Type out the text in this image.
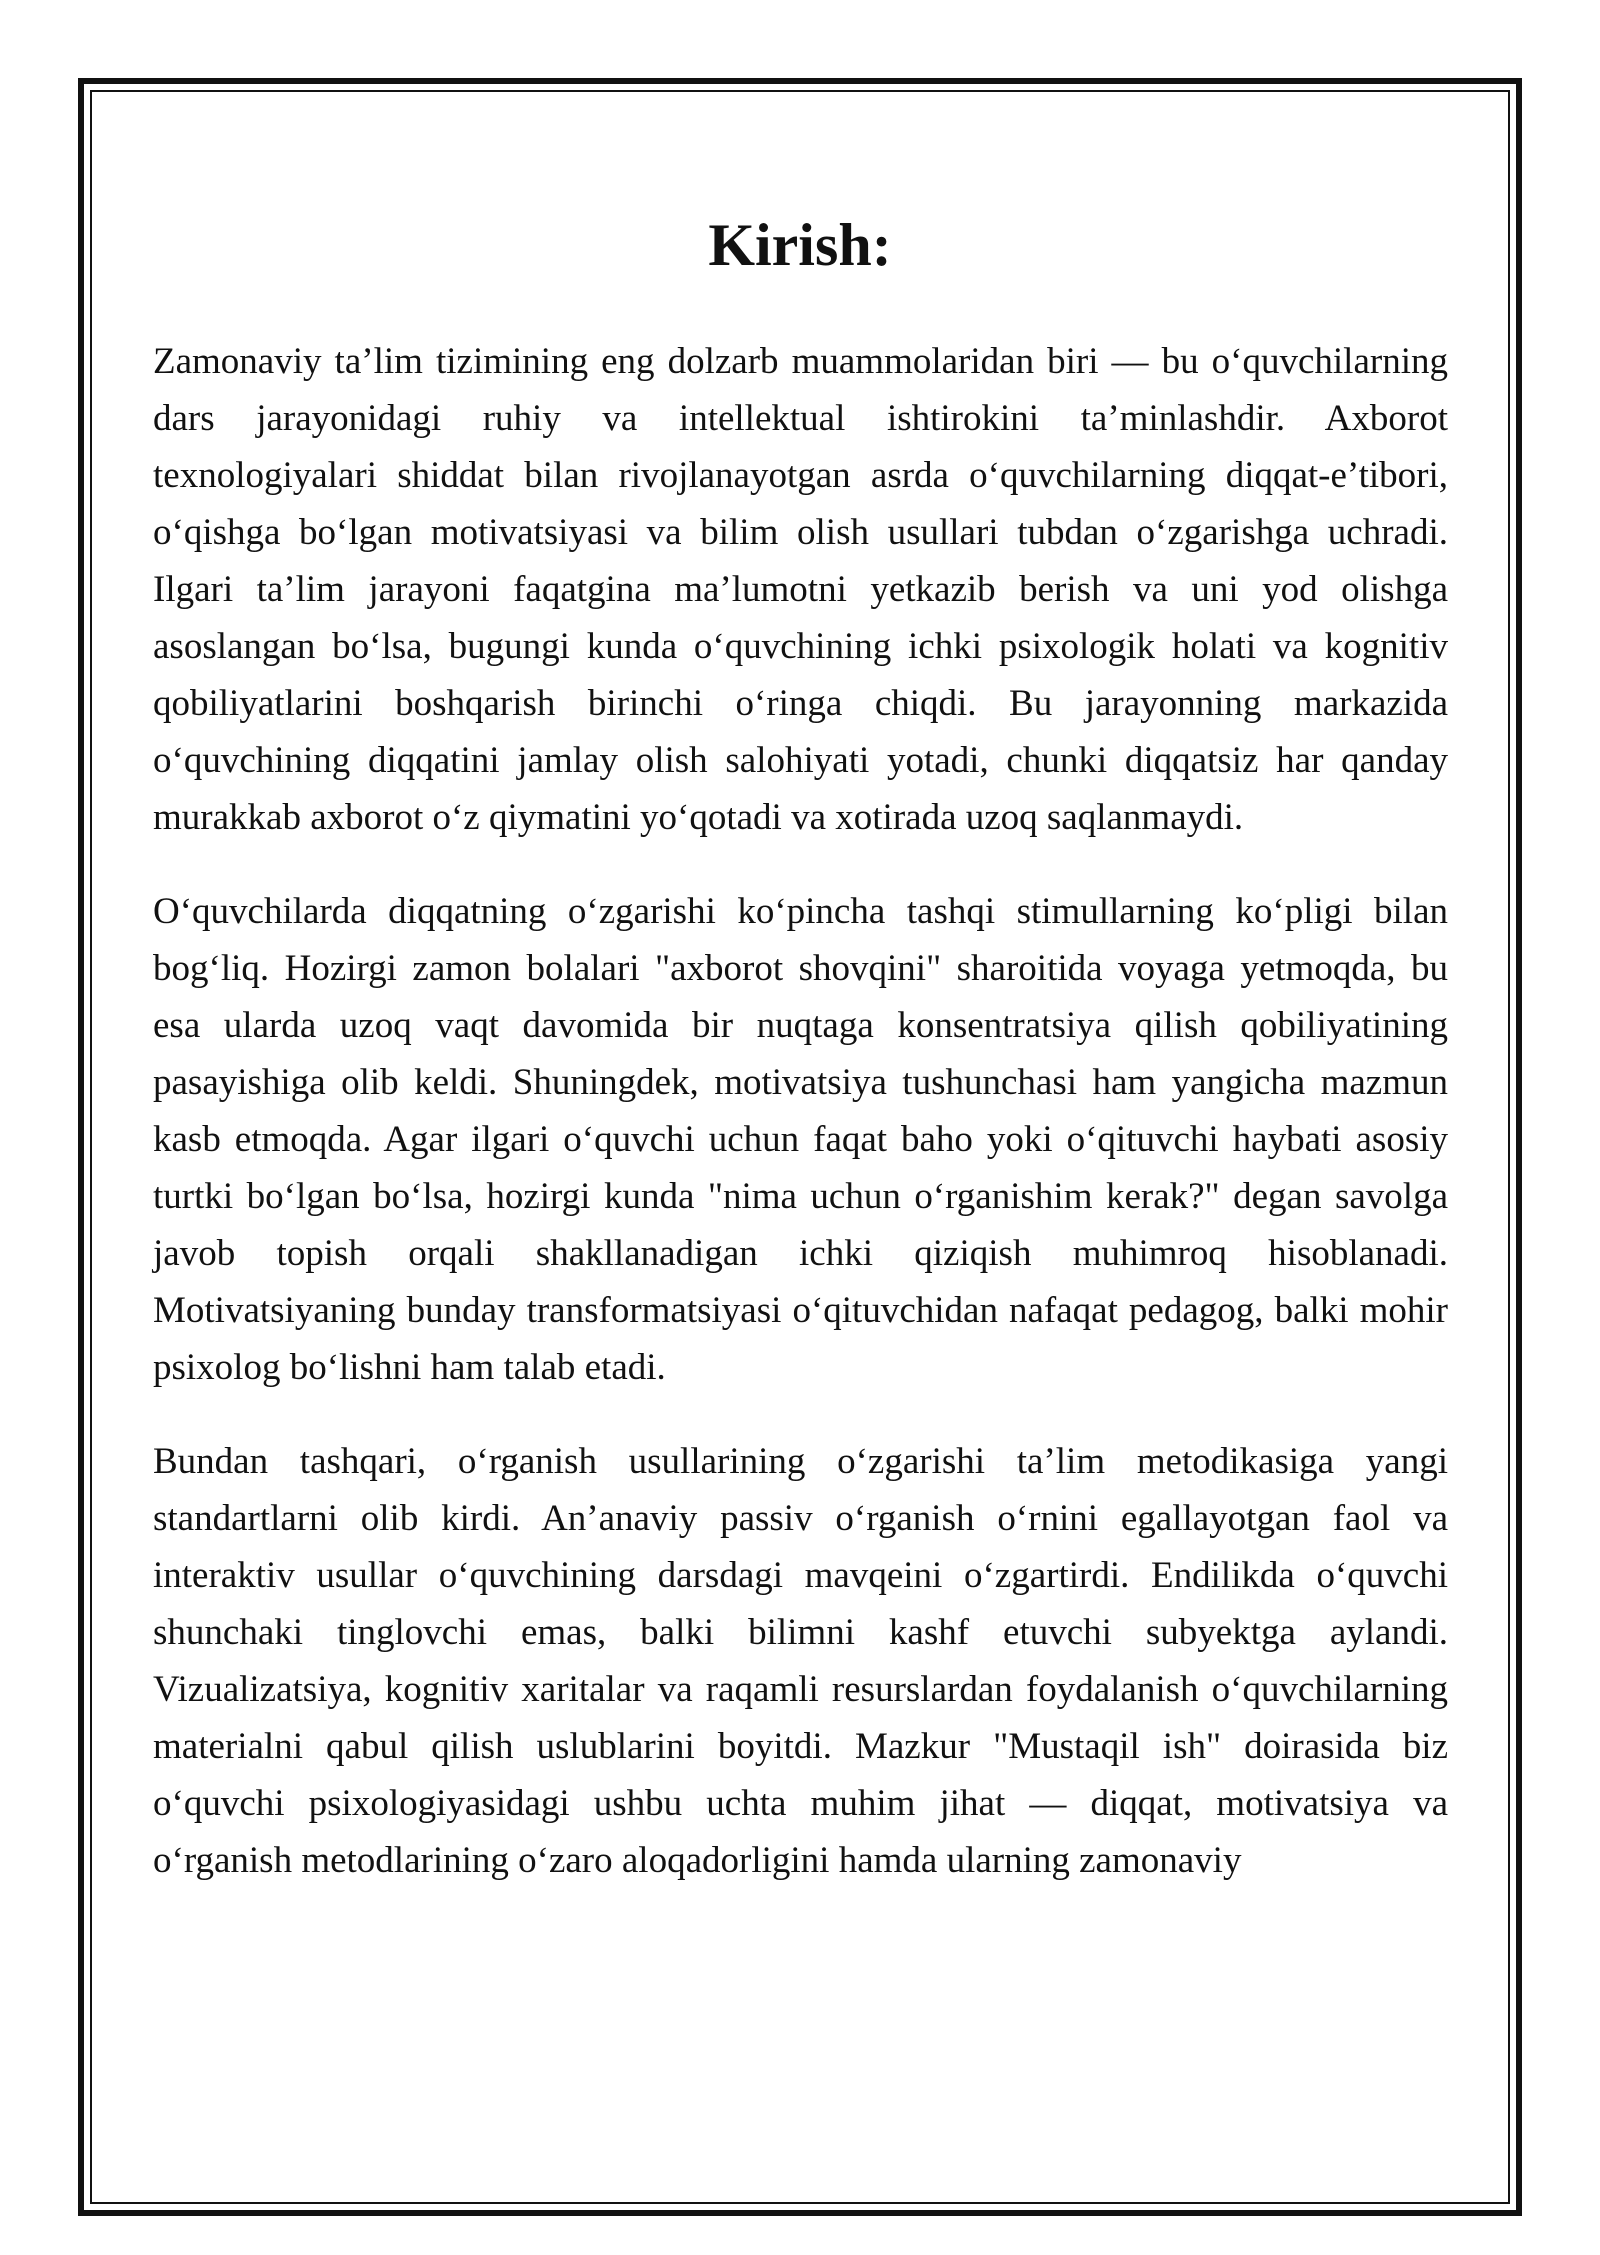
Kirish:

Zamonaviy ta’lim tizimining eng dolzarb muammolaridan biri — bu o‘quvchilarning dars jarayonidagi ruhiy va intellektual ishtirokini ta’minlashdir. Axborot texnologiyalari shiddat bilan rivojlanayotgan asrda o‘quvchilarning diqqat-e’tibori, o‘qishga bo‘lgan motivatsiyasi va bilim olish usullari tubdan o‘zgarishga uchradi. Ilgari ta’lim jarayoni faqatgina ma’lumotni yetkazib berish va uni yod olishga asoslangan bo‘lsa, bugungi kunda o‘quvchining ichki psixologik holati va kognitiv qobiliyatlarini boshqarish birinchi o‘ringa chiqdi. Bu jarayonning markazida o‘quvchining diqqatini jamlay olish salohiyati yotadi, chunki diqqatsiz har qanday murakkab axborot o‘z qiymatini yo‘qotadi va xotirada uzoq saqlanmaydi.

O‘quvchilarda diqqatning o‘zgarishi ko‘pincha tashqi stimullarning ko‘pligi bilan bog‘liq. Hozirgi zamon bolalari "axborot shovqini" sharoitida voyaga yetmoqda, bu esa ularda uzoq vaqt davomida bir nuqtaga konsentratsiya qilish qobiliyatining pasayishiga olib keldi. Shuningdek, motivatsiya tushunchasi ham yangicha mazmun kasb etmoqda. Agar ilgari o‘quvchi uchun faqat baho yoki o‘qituvchi haybati asosiy turtki bo‘lgan bo‘lsa, hozirgi kunda "nima uchun o‘rganishim kerak?" degan savolga javob topish orqali shakllanadigan ichki qiziqish muhimroq hisoblanadi. Motivatsiyaning bunday transformatsiyasi o‘qituvchidan nafaqat pedagog, balki mohir psixolog bo‘lishni ham talab etadi.

Bundan tashqari, o‘rganish usullarining o‘zgarishi ta’lim metodikasiga yangi standartlarni olib kirdi. An’anaviy passiv o‘rganish o‘rnini egallayotgan faol va interaktiv usullar o‘quvchining darsdagi mavqeini o‘zgartirdi. Endilikda o‘quvchi shunchaki tinglovchi emas, balki bilimni kashf etuvchi subyektga aylandi. Vizualizatsiya, kognitiv xaritalar va raqamli resurslardan foydalanish o‘quvchilarning materialni qabul qilish uslublarini boyitdi. Mazkur "Mustaqil ish" doirasida biz o‘quvchi psixologiyasidagi ushbu uchta muhim jihat — diqqat, motivatsiya va o‘rganish metodlarining o‘zaro aloqadorligini hamda ularning zamonaviy
